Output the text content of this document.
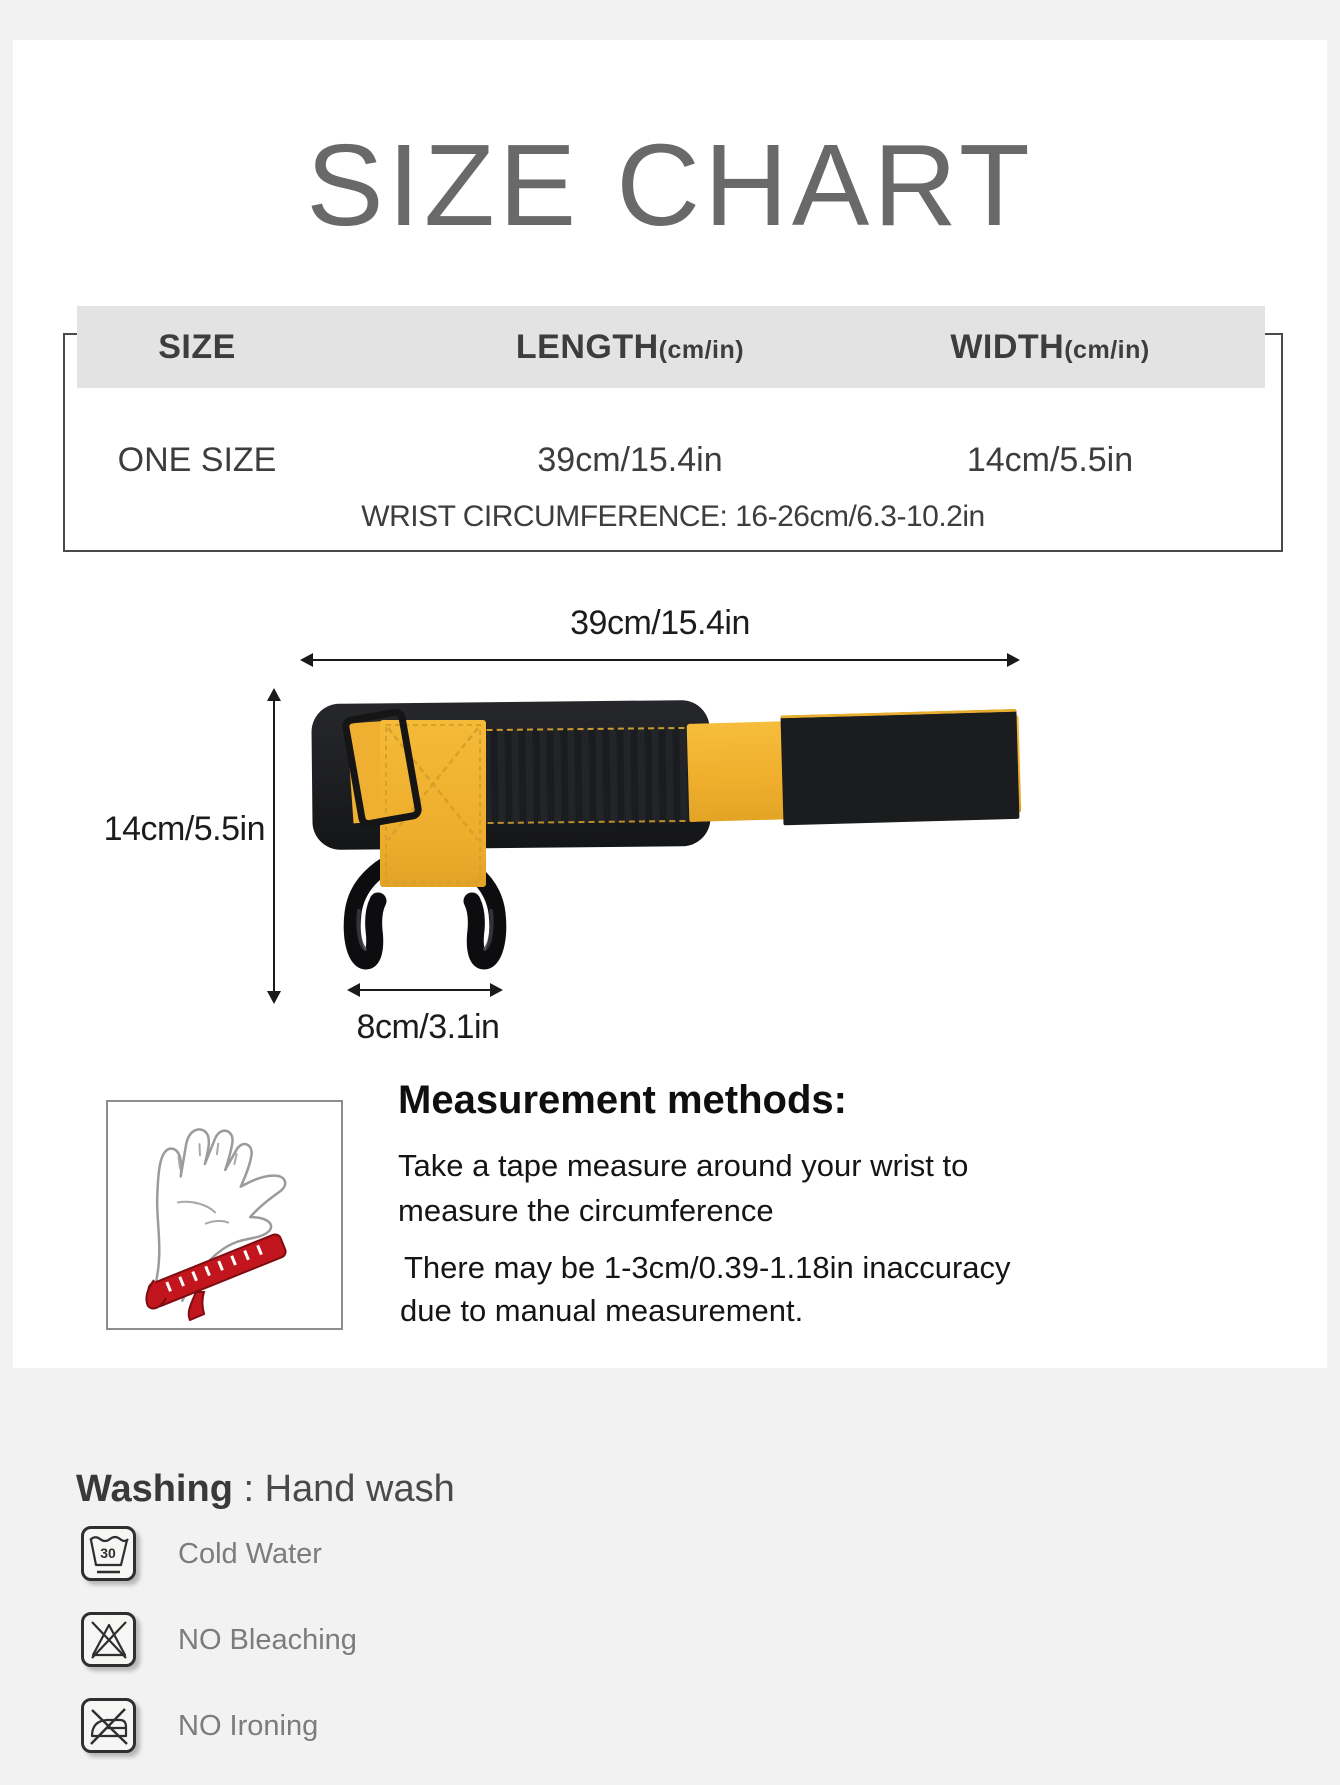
SIZE CHART
SIZE	LENGTH (cm/in)	WIDTH (cm/in)
ONE SIZE	39cm/15.4in	14cm/5.5in
WRIST CIRCUMFERENCE: 16-26cm/6.3-10.2in
39cm/15.4in
14cm/5.5in
8cm/3.1in
Measurement methods:
Take a tape measure around your wrist to
measure the circumference
There may be 1-3cm/0.39-1.18in inaccuracy
due to manual measurement.
Washing : Hand wash
30 Cold Water
NO Bleaching
NO Ironing
